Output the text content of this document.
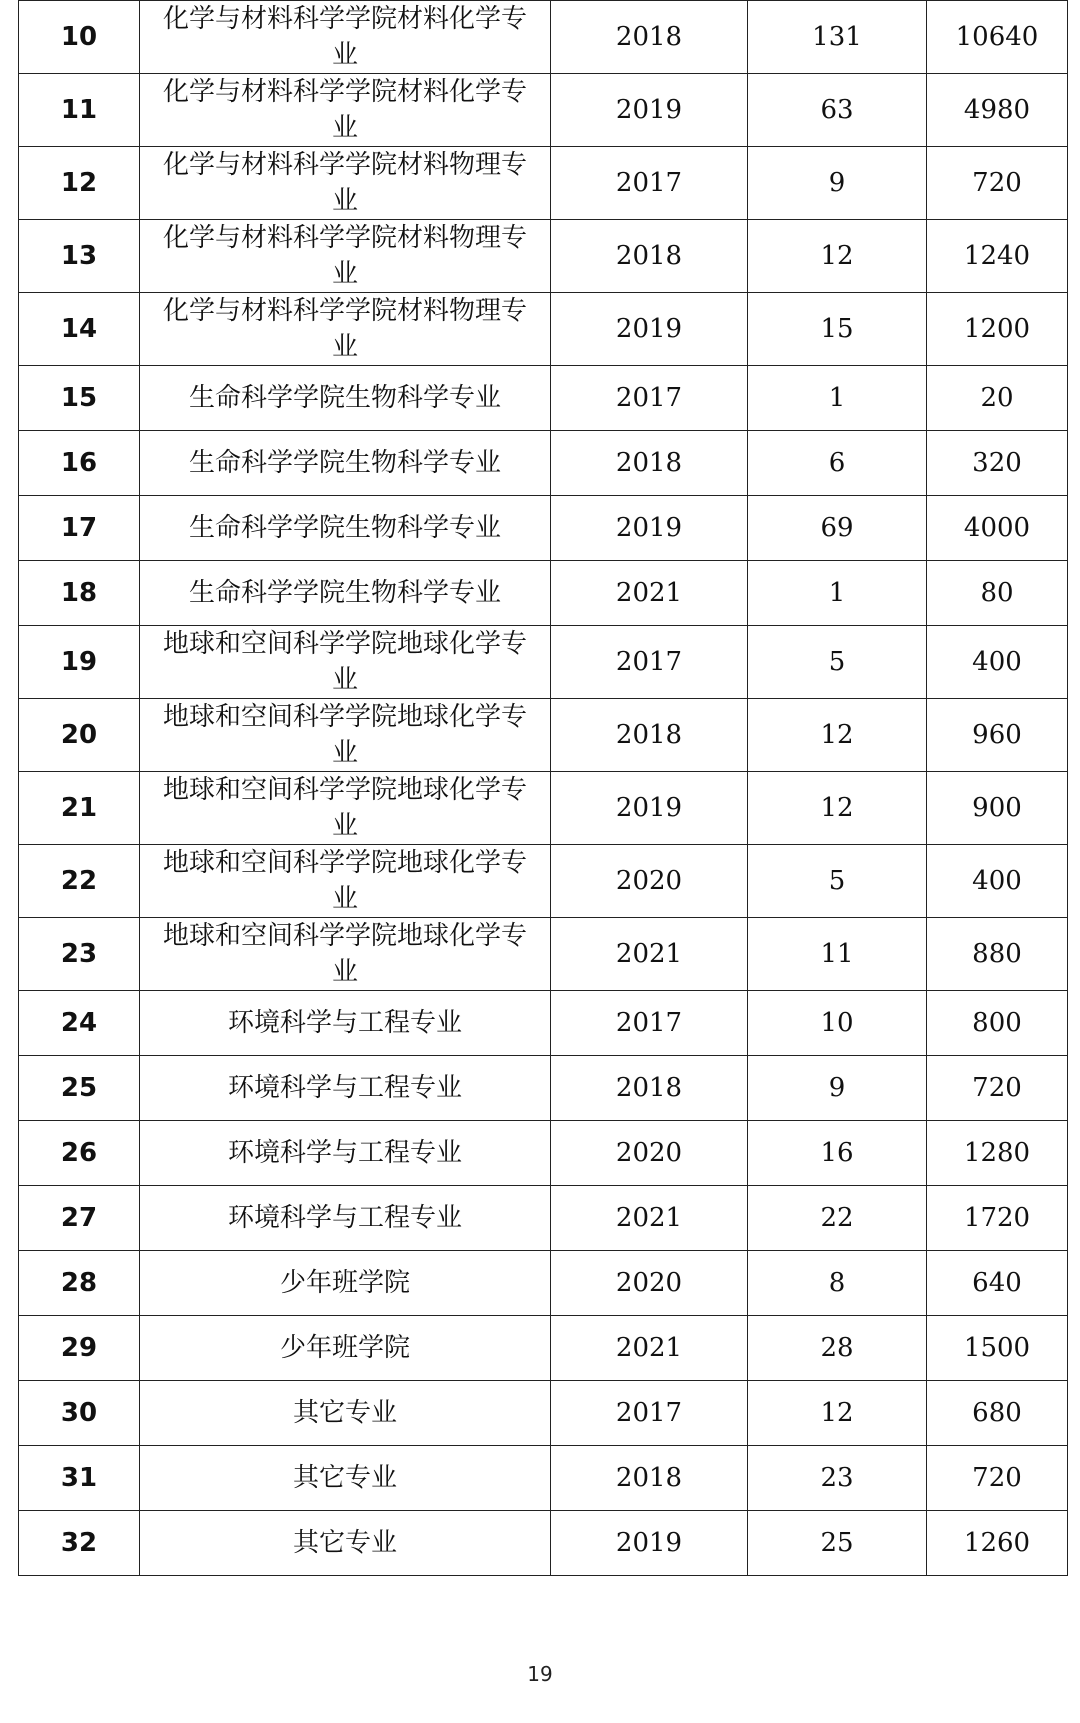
10	化学与材料科学学院材料化学专业	2018	131	10640
11	化学与材料科学学院材料化学专业	2019	63	4980
12	化学与材料科学学院材料物理专业	2017	9	720
13	化学与材料科学学院材料物理专业	2018	12	1240
14	化学与材料科学学院材料物理专业	2019	15	1200
15	生命科学学院生物科学专业	2017	1	20
16	生命科学学院生物科学专业	2018	6	320
17	生命科学学院生物科学专业	2019	69	4000
18	生命科学学院生物科学专业	2021	1	80
19	地球和空间科学学院地球化学专业	2017	5	400
20	地球和空间科学学院地球化学专业	2018	12	960
21	地球和空间科学学院地球化学专业	2019	12	900
22	地球和空间科学学院地球化学专业	2020	5	400
23	地球和空间科学学院地球化学专业	2021	11	880
24	环境科学与工程专业	2017	10	800
25	环境科学与工程专业	2018	9	720
26	环境科学与工程专业	2020	16	1280
27	环境科学与工程专业	2021	22	1720
28	少年班学院	2020	8	640
29	少年班学院	2021	28	1500
30	其它专业	2017	12	680
31	其它专业	2018	23	720
32	其它专业	2019	25	1260
19
